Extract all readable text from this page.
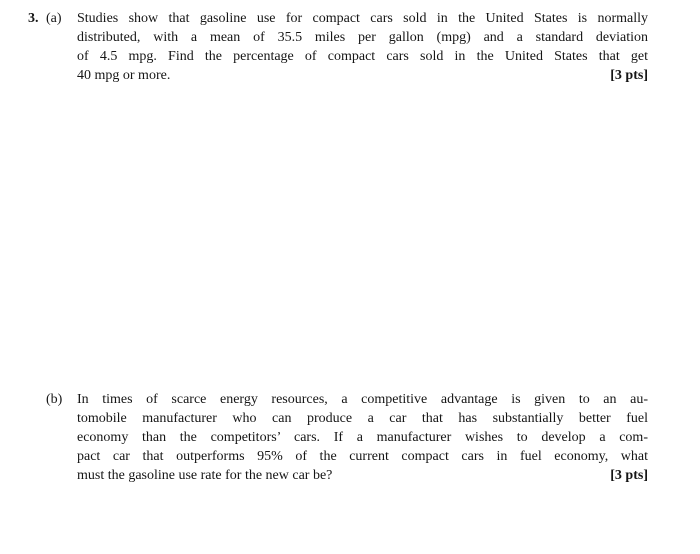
3. (a)	Studies show that gasoline use for compact cars sold in the United States is normally
distributed, with a mean of 35.5 miles per gallon (mpg) and a standard deviation
of 4.5 mpg. Find the percentage of compact cars sold in the United States that get
40 mpg or more.	[3 pts]
(b)	In times of scarce energy resources, a competitive advantage is given to an au-
tomobile manufacturer who can produce a car that has substantially better fuel
economy than the competitors’ cars. If a manufacturer wishes to develop a com-
pact car that outperforms 95% of the current compact cars in fuel economy, what
must the gasoline use rate for the new car be?	[3 pts]
